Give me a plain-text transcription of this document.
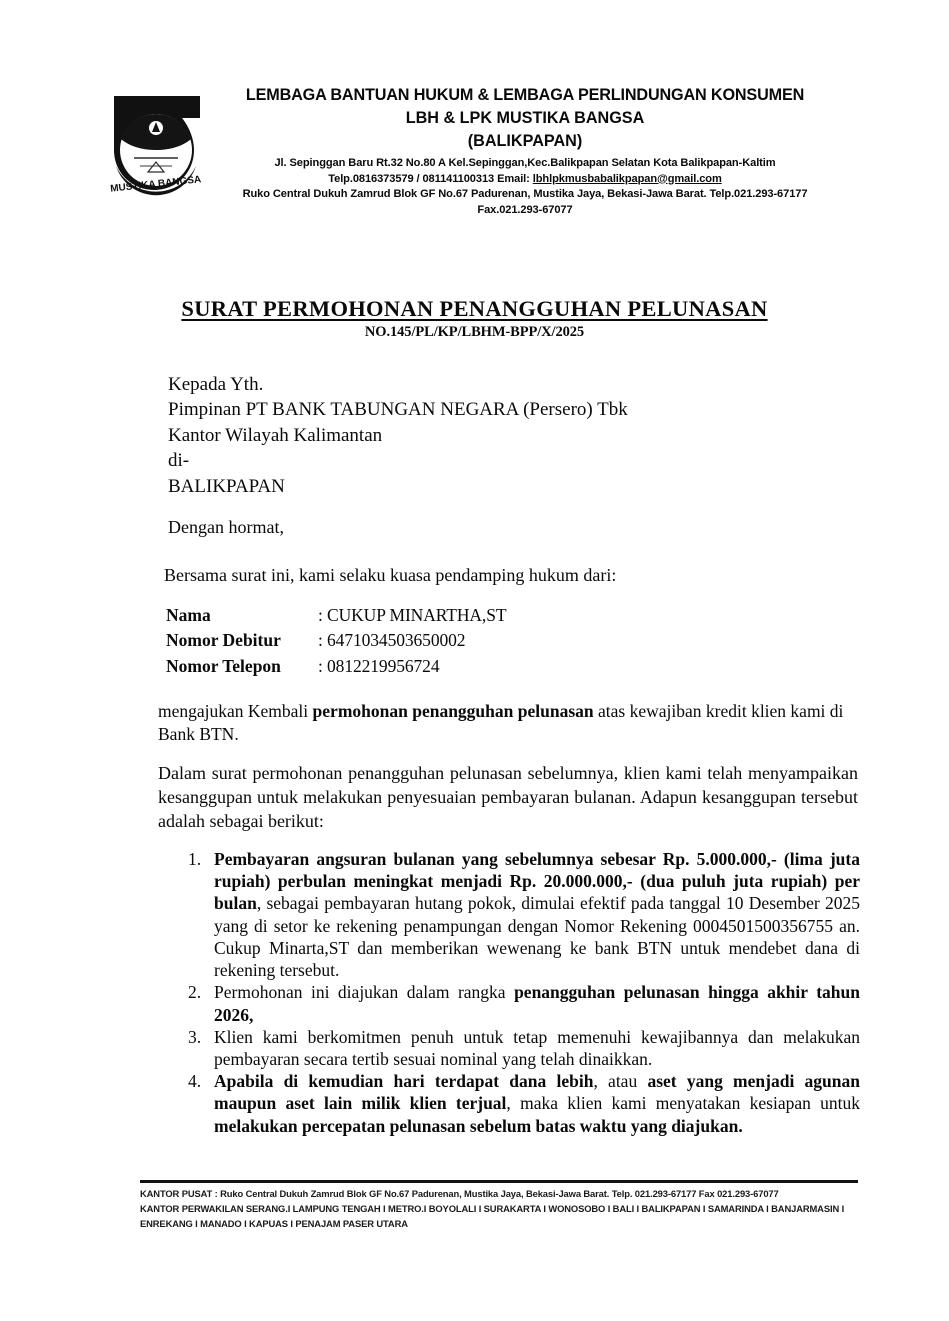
MUSTIKA BANGSA
LEMBAGA BANTUAN HUKUM & LEMBAGA PERLINDUNGAN KONSUMEN
LBH & LPK MUSTIKA BANGSA
(BALIKPAPAN)
Jl. Sepinggan Baru Rt.32 No.80 A Kel.Sepinggan,Kec.Balikpapan Selatan Kota Balikpapan-Kaltim
Telp.0816373579 / 081141100313 Email: lbhlpkmusbabalikpapan@gmail.com
Ruko Central Dukuh Zamrud Blok GF No.67 Padurenan, Mustika Jaya, Bekasi-Jawa Barat. Telp.021.293-67177
Fax.021.293-67077
SURAT PERMOHONAN PENANGGUHAN PELUNASAN
NO.145/PL/KP/LBHM-BPP/X/2025
Kepada Yth.
Pimpinan PT BANK TABUNGAN NEGARA (Persero) Tbk
Kantor Wilayah Kalimantan
di-
BALIKPAPAN
Dengan hormat,
Bersama surat ini, kami selaku kuasa pendamping hukum dari:
Nama	: CUKUP MINARTHA,ST
Nomor Debitur	: 6471034503650002
Nomor Telepon	: 0812219956724
mengajukan Kembali permohonan penangguhan pelunasan atas kewajiban kredit klien kami di Bank BTN.
Dalam surat permohonan penangguhan pelunasan sebelumnya, klien kami telah menyampaikan kesanggupan untuk melakukan penyesuaian pembayaran bulanan. Adapun kesanggupan tersebut adalah sebagai berikut:
1. Pembayaran angsuran bulanan yang sebelumnya sebesar Rp. 5.000.000,- (lima juta rupiah) perbulan meningkat menjadi Rp. 20.000.000,- (dua puluh juta rupiah) per bulan, sebagai pembayaran hutang pokok, dimulai efektif pada tanggal 10 Desember 2025 yang di setor ke rekening penampungan dengan Nomor Rekening 0004501500356755 an. Cukup Minarta,ST dan memberikan wewenang ke bank BTN untuk mendebet dana di rekening tersebut.
2. Permohonan ini diajukan dalam rangka penangguhan pelunasan hingga akhir tahun 2026,
3. Klien kami berkomitmen penuh untuk tetap memenuhi kewajibannya dan melakukan pembayaran secara tertib sesuai nominal yang telah dinaikkan.
4. Apabila di kemudian hari terdapat dana lebih, atau aset yang menjadi agunan maupun aset lain milik klien terjual, maka klien kami menyatakan kesiapan untuk melakukan percepatan pelunasan sebelum batas waktu yang diajukan.
KANTOR PUSAT : Ruko Central Dukuh Zamrud Blok GF No.67 Padurenan, Mustika Jaya, Bekasi-Jawa Barat. Telp. 021.293-67177 Fax 021.293-67077
KANTOR PERWAKILAN SERANG.I LAMPUNG TENGAH I METRO.I BOYOLALI I SURAKARTA I WONOSOBO I BALI I BALIKPAPAN I SAMARINDA I BANJARMASIN I
ENREKANG I MANADO I KAPUAS I PENAJAM PASER UTARA
